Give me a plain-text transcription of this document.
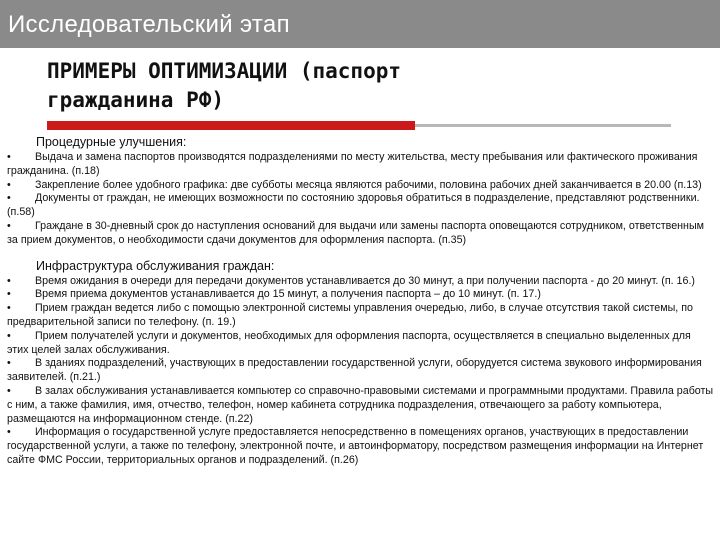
Исследовательский этап
ПРИМЕРЫ ОПТИМИЗАЦИИ (паспорт
гражданина РФ)
Процедурные улучшения:
• Выдача и замена паспортов производятся подразделениями по месту жительства, месту пребывания или фактического проживания гражданина. (п.18)
• Закрепление более удобного графика: две субботы месяца являются рабочими, половина рабочих дней заканчивается в 20.00 (п.13)
• Документы от граждан, не имеющих возможности по состоянию здоровья обратиться в подразделение, представляют родственники. (п.58)
• Граждане в 30-дневный срок до наступления оснований для выдачи или замены паспорта оповещаются сотрудником, ответственным за прием документов, о необходимости сдачи документов для оформления паспорта. (п.35)
Инфраструктура обслуживания граждан:
• Время ожидания в очереди для передачи документов устанавливается до 30 минут, а при получении паспорта - до 20 минут. (п. 16.)
• Время приема документов устанавливается до 15 минут, а получения паспорта – до 10 минут. (п. 17.)
• Прием граждан ведется либо с помощью электронной системы управления очередью, либо, в случае отсутствия такой системы, по предварительной записи по телефону. (п. 19.)
• Прием получателей услуги и документов, необходимых для оформления паспорта, осуществляется в специально выделенных для этих целей залах обслуживания.
• В зданиях подразделений, участвующих в предоставлении государственной услуги, оборудуется система звукового информирования заявителей. (п.21.)
• В залах обслуживания устанавливается компьютер со справочно-правовыми системами и программными продуктами. Правила работы с ним, а также фамилия, имя, отчество, телефон, номер кабинета сотрудника подразделения, отвечающего за работу компьютера, размещаются на информационном стенде. (п.22)
• Информация о государственной услуге предоставляется непосредственно в помещениях органов, участвующих в предоставлении государственной услуги, а также по телефону, электронной почте, и автоинформатору, посредством размещения информации на Интернет сайте ФМС России, территориальных органов и подразделений. (п.26)
